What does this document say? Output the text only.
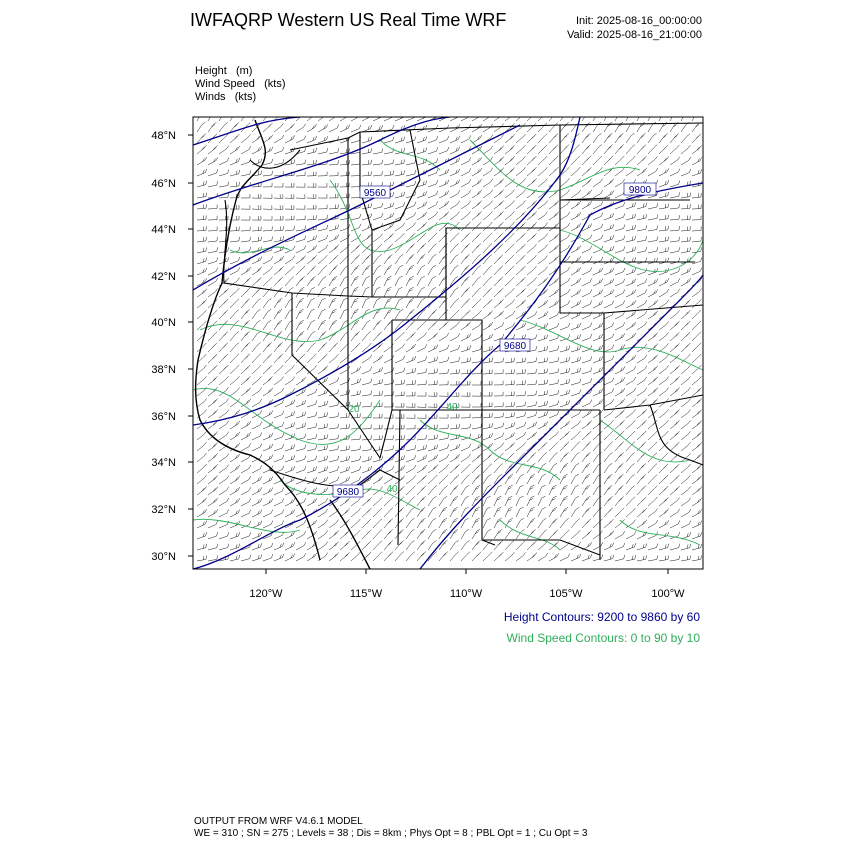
IWFAQRP Western US Real Time WRF	Init: 2025-08-16_00:00:00
Valid: 2025-08-16_21:00:00
Height (m)
Wind Speed (kts)
Winds (kts)
9560	9800
9680
9680
20	40
40
48°N
46°N
44°N
42°N
40°N
38°N
36°N
34°N
32°N
30°N
120°W	115°W	110°W	105°W	100°W
Height Contours: 9200 to 9860 by 60
Wind Speed Contours: 0 to 90 by 10
OUTPUT FROM WRF V4.6.1 MODEL
WE = 310 ; SN = 275 ; Levels = 38 ; Dis = 8km ; Phys Opt = 8 ; PBL Opt = 1 ; Cu Opt = 3
